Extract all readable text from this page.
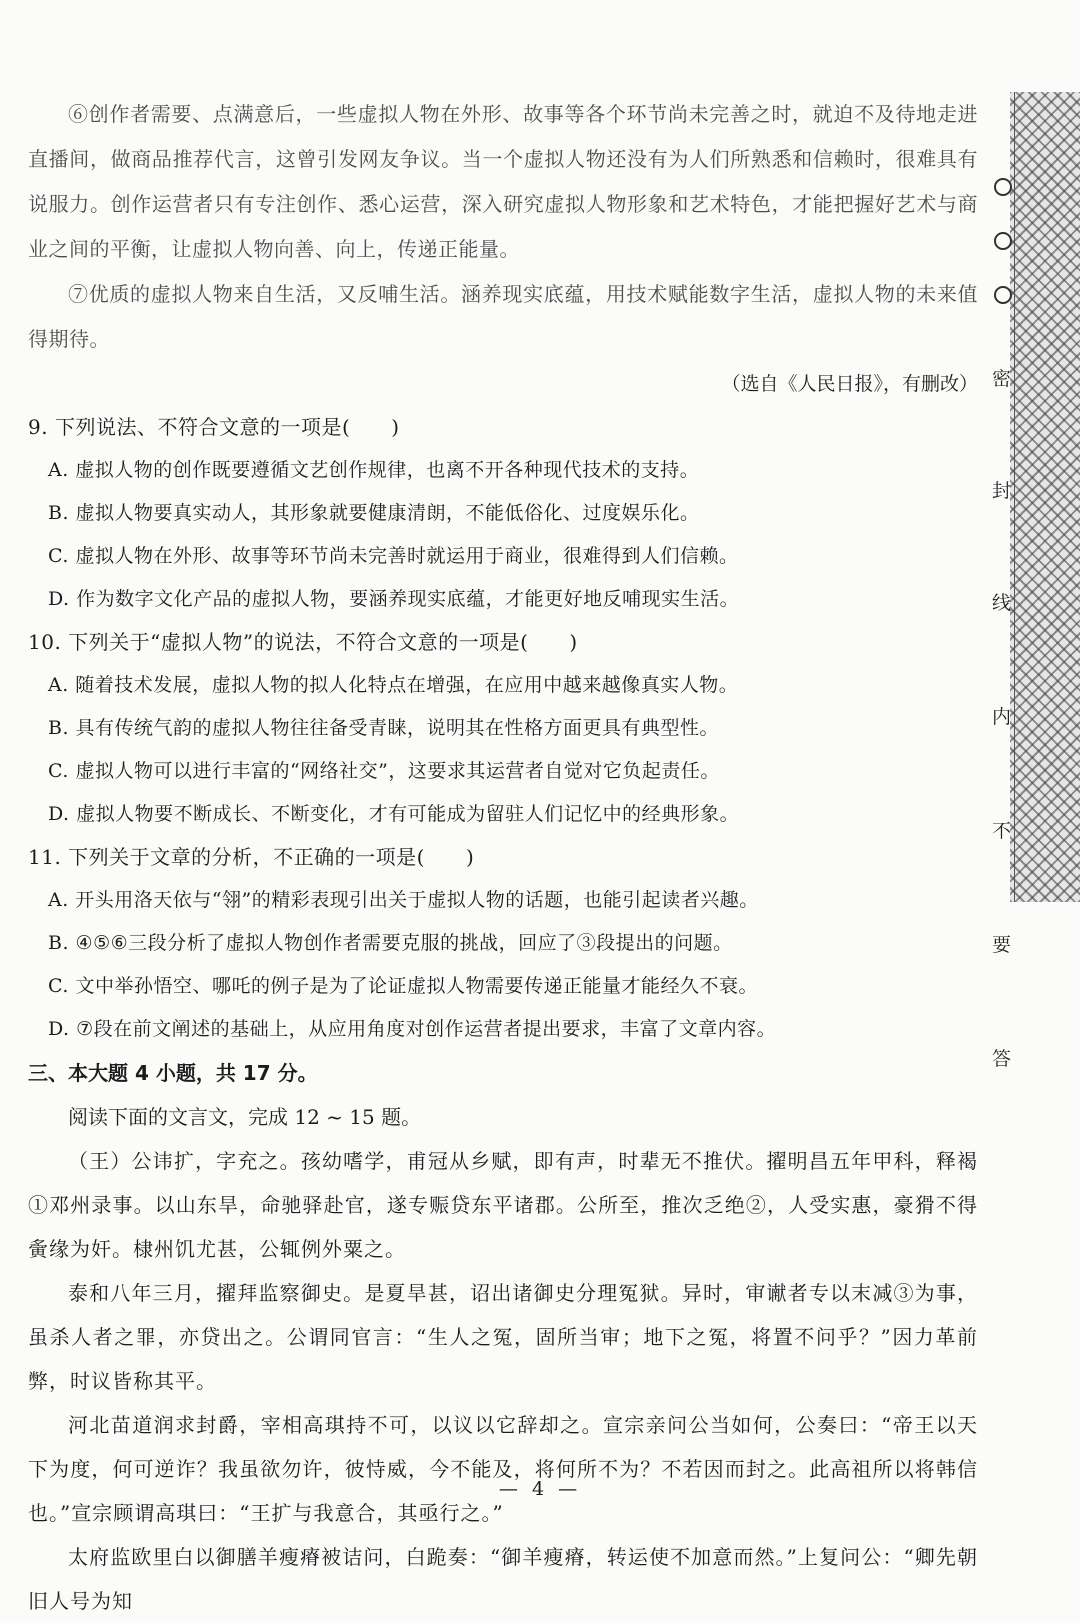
密
封
线
内
不
要
答

⑥创作者需要、点满意后，一些虚拟人物在外形、故事等各个环节尚未完善之时，就迫不及待地走进直播间，做商品推荐代言，这曾引发网友争议。当一个虚拟人物还没有为人们所熟悉和信赖时，很难具有说服力。创作运营者只有专注创作、悉心运营，深入研究虚拟人物形象和艺术特色，才能把握好艺术与商业之间的平衡，让虚拟人物向善、向上，传递正能量。

⑦优质的虚拟人物来自生活，又反哺生活。涵养现实底蕴，用技术赋能数字生活，虚拟人物的未来值得期待。

（选自《人民日报》，有删改）

9. 下列说法、不符合文意的一项是(　　)

A. 虚拟人物的创作既要遵循文艺创作规律，也离不开各种现代技术的支持。

B. 虚拟人物要真实动人，其形象就要健康清朗，不能低俗化、过度娱乐化。

C. 虚拟人物在外形、故事等环节尚未完善时就运用于商业，很难得到人们信赖。

D. 作为数字文化产品的虚拟人物，要涵养现实底蕴，才能更好地反哺现实生活。

10. 下列关于“虚拟人物”的说法，不符合文意的一项是(　　)

A. 随着技术发展，虚拟人物的拟人化特点在增强，在应用中越来越像真实人物。

B. 具有传统气韵的虚拟人物往往备受青睐，说明其在性格方面更具有典型性。

C. 虚拟人物可以进行丰富的“网络社交”，这要求其运营者自觉对它负起责任。

D. 虚拟人物要不断成长、不断变化，才有可能成为留驻人们记忆中的经典形象。

11. 下列关于文章的分析，不正确的一项是(　　)

A. 开头用洛天依与“翎”的精彩表现引出关于虚拟人物的话题，也能引起读者兴趣。

B. ④⑤⑥三段分析了虚拟人物创作者需要克服的挑战，回应了③段提出的问题。

C. 文中举孙悟空、哪吒的例子是为了论证虚拟人物需要传递正能量才能经久不衰。

D. ⑦段在前文阐述的基础上，从应用角度对创作运营者提出要求，丰富了文章内容。

三、本大题 4 小题，共 17 分。

阅读下面的文言文，完成 12 ~ 15 题。

（王）公讳扩，字充之。孩幼嗜学，甫冠从乡赋，即有声，时辈无不推伏。擢明昌五年甲科，释褐①邓州录事。以山东旱，命驰驿赴官，遂专赈贷东平诸郡。公所至，推次乏绝②，人受实惠，豪猾不得夤缘为奸。棣州饥尤甚，公辄例外粟之。

泰和八年三月，擢拜监察御史。是夏旱甚，诏出诸御史分理冤狱。异时，审谳者专以末减③为事，虽杀人者之罪，亦贷出之。公谓同官言：“生人之冤，固所当审；地下之冤，将置不问乎？”因力革前弊，时议皆称其平。

河北苗道润求封爵，宰相高琪持不可，以议以它辞却之。宣宗亲问公当如何，公奏曰：“帝王以天下为度，何可逆诈？我虽欲勿许，彼恃威，今不能及，将何所不为？不若因而封之。此高祖所以将韩信也。”宣宗顾谓高琪曰：“王扩与我意合，其亟行之。”

太府监欧里白以御膳羊瘦瘠被诘问，白跪奏：“御羊瘦瘠，转运使不加意而然。”上复问公：“卿先朝旧人号为知

— 4 —
